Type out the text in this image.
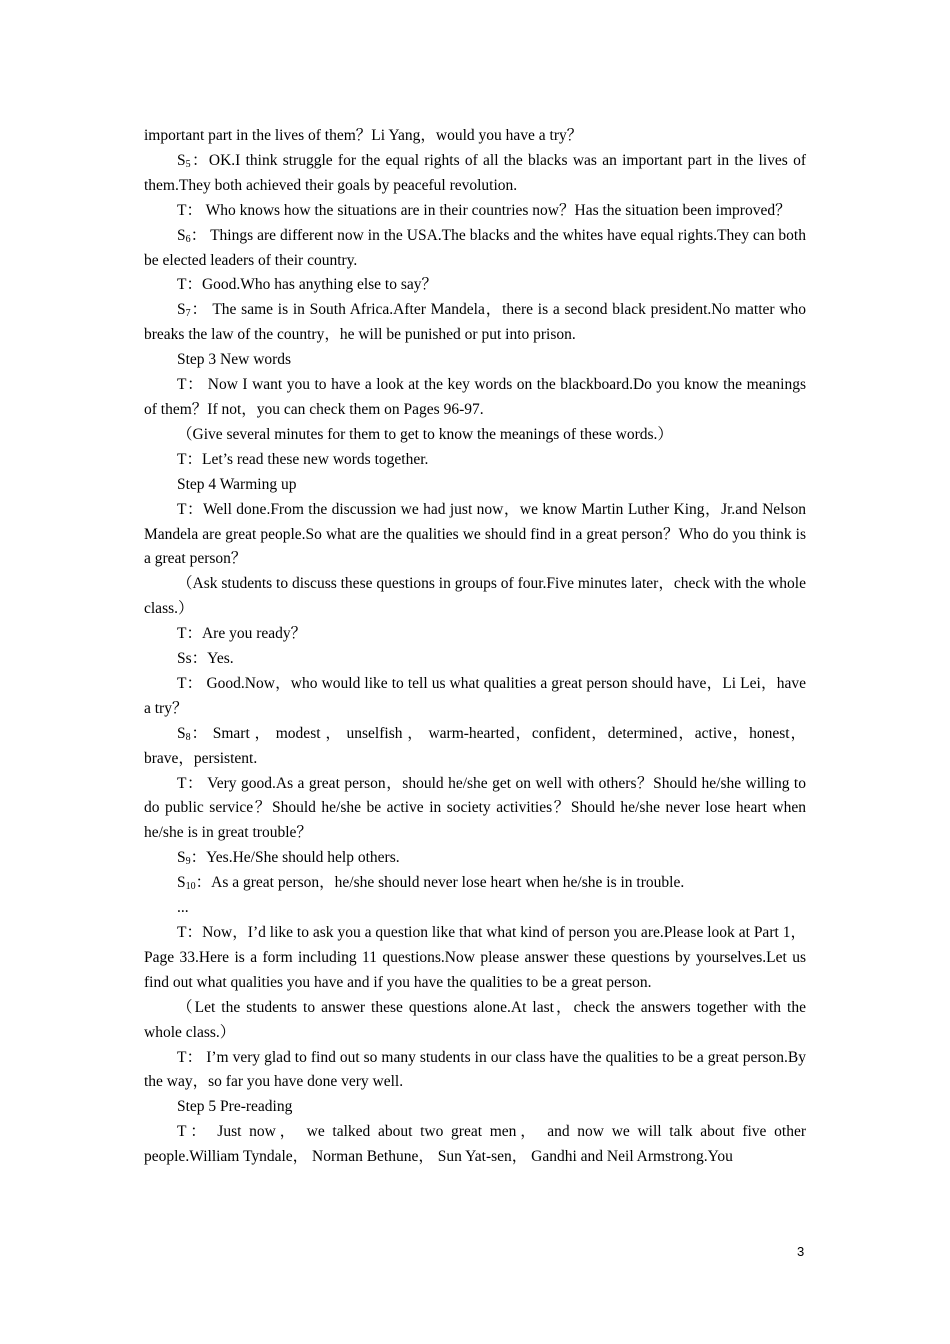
important part in the lives of them？Li Yang，would you have a try？

$S_5$：OK.I think struggle for the equal rights of all the blacks was an important part in the lives of them.They both achieved their goals by peaceful revolution.

T： Who knows how the situations are in their countries now？Has the situation been improved？

$S_6$： Things are different now in the USA.The blacks and the whites have equal rights.They can both be elected leaders of their country.

T：Good.Who has anything else to say？

$S_7$： The same is in South Africa.After Mandela，there is a second black president.No matter who breaks the law of the country，he will be punished or put into prison.

Step 3 New words

T： Now I want you to have a look at the key words on the blackboard.Do you know the meanings of them？If not，you can check them on Pages 96-97.

（Give several minutes for them to get to know the meanings of these words.）

T：Let’s read these new words together.

Step 4 Warming up

T：Well done.From the discussion we had just now，we know Martin Luther King，Jr.and Nelson Mandela are great people.So what are the qualities we should find in a great person？Who do you think is a great person？

（Ask students to discuss these questions in groups of four.Five minutes later，check with the whole class.）

T：Are you ready？

Ss：Yes.

T： Good.Now，who would like to tell us what qualities a great person should have，Li Lei，have a try？

$S_8$： Smart ， modest ， unselfish ， warm-hearted，confident，determined，active，honest，brave，persistent.

T： Very good.As a great person，should he/she get on well with others？Should he/she willing to do public service？Should he/she be active in society activities？Should he/she never lose heart when he/she is in great trouble？

$S_9$：Yes.He/She should help others.

$S_{10}$：As a great person，he/she should never lose heart when he/she is in trouble.

...

T：Now，I’d like to ask you a question like that what kind of person you are.Please look at Part 1，Page 33.Here is a form including 11 questions.Now please answer these questions by yourselves.Let us find out what qualities you have and if you have the qualities to be a great person.

（Let the students to answer these questions alone.At last，check the answers together with the whole class.）

T： I’m very glad to find out so many students in our class have the qualities to be a great person.By the way，so far you have done very well.

Step 5 Pre-reading

T： Just now， we talked about two great men， and now we will talk about five other people.William Tyndale， Norman Bethune， Sun Yat-sen， Gandhi and Neil Armstrong.You

3
